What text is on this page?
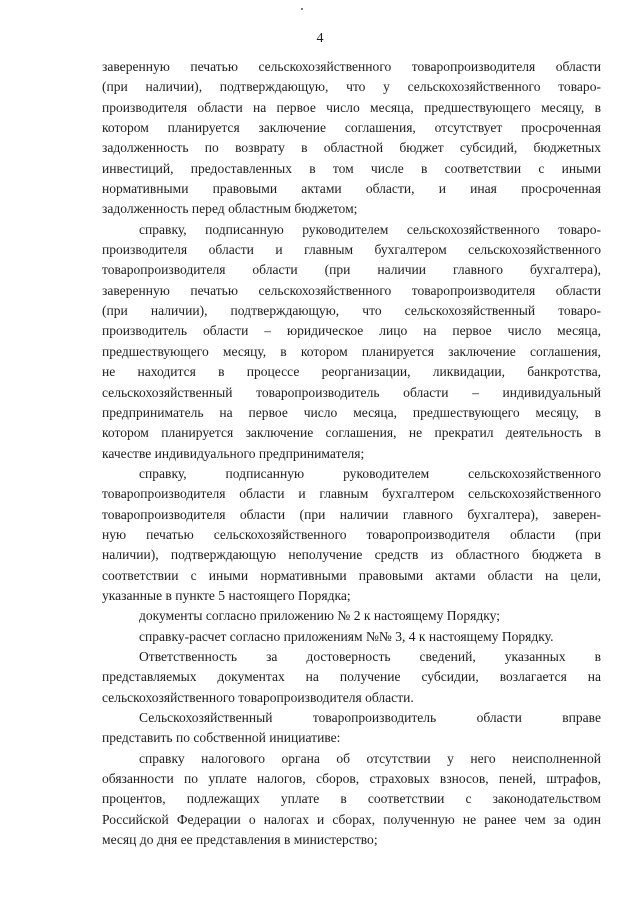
4
заверенную печатью сельскохозяйственного товаропроизводителя области
(при наличии), подтверждающую, что у сельскохозяйственного товаро-
производителя области на первое число месяца, предшествующего месяцу, в
котором планируется заключение соглашения, отсутствует просроченная
задолженность по возврату в областной бюджет субсидий, бюджетных
инвестиций, предоставленных в том числе в соответствии с иными
нормативными правовыми актами области, и иная просроченная
задолженность перед областным бюджетом;
справку, подписанную руководителем сельскохозяйственного товаро-
производителя области и главным бухгалтером сельскохозяйственного
товаропроизводителя области (при наличии главного бухгалтера),
заверенную печатью сельскохозяйственного товаропроизводителя области
(при наличии), подтверждающую, что сельскохозяйственный товаро-
производитель области – юридическое лицо на первое число месяца,
предшествующего месяцу, в котором планируется заключение соглашения,
не находится в процессе реорганизации, ликвидации, банкротства,
сельскохозяйственный товаропроизводитель области – индивидуальный
предприниматель на первое число месяца, предшествующего месяцу, в
котором планируется заключение соглашения, не прекратил деятельность в
качестве индивидуального предпринимателя;
справку, подписанную руководителем сельскохозяйственного
товаропроизводителя области и главным бухгалтером сельскохозяйственного
товаропроизводителя области (при наличии главного бухгалтера), заверен-
ную печатью сельскохозяйственного товаропроизводителя области (при
наличии), подтверждающую неполучение средств из областного бюджета в
соответствии с иными нормативными правовыми актами области на цели,
указанные в пункте 5 настоящего Порядка;
документы согласно приложению № 2 к настоящему Порядку;
справку-расчет согласно приложениям №№ 3, 4 к настоящему Порядку.
Ответственность за достоверность сведений, указанных в
представляемых документах на получение субсидии, возлагается на
сельскохозяйственного товаропроизводителя области.
Сельскохозяйственный товаропроизводитель области вправе
представить по собственной инициативе:
справку налогового органа об отсутствии у него неисполненной
обязанности по уплате налогов, сборов, страховых взносов, пеней, штрафов,
процентов, подлежащих уплате в соответствии с законодательством
Российской Федерации о налогах и сборах, полученную не ранее чем за один
месяц до дня ее представления в министерство;
